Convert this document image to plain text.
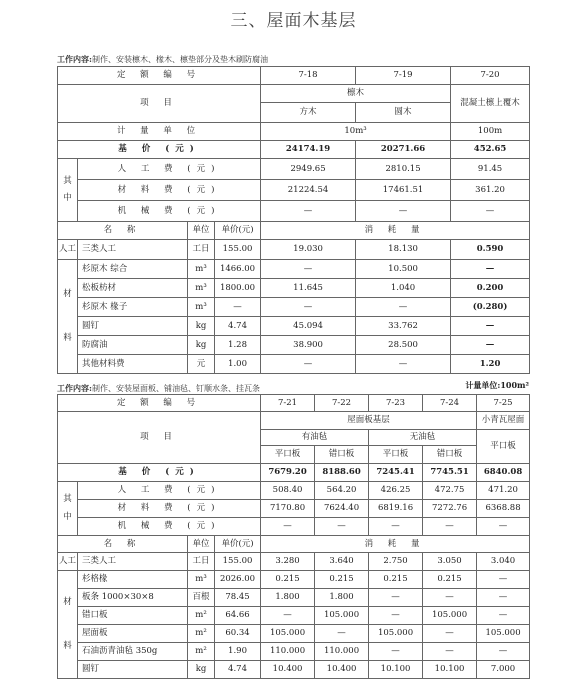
三、屋面木基层
工作内容:制作、安装檩木、椽木、檩垫部分及垫木刷防腐油
定 额 编 号				7-18	7-19	7-20
项 目				檩木		混凝土檩上覆木
				方木	圆木	
计 量 单 位				10m³		100m
基 价 (元)				24174.19	20271.66	452.65
其

中	人 工 费 (元)			2949.65	2810.15	91.45
	材 料 费 (元)			21224.54	17461.51	361.20
	机 械 费 (元)			—	—	—
名 称		单位	单价(元)	消 耗 量		
人工	三类人工	工日	155.00	19.030	18.130	0.590
材

料	杉原木 综合	m³	1466.00	—	10.500	—
	松板枋材	m³	1800.00	11.645	1.040	0.200
	杉原木 椽子	m³	—	—	—	(0.280)
	圆钉	kg	4.74	45.094	33.762	—
	防腐油	kg	1.28	38.900	28.500	—
	其他材料费	元	1.00	—	—	1.20
工作内容:制作、安装屋面板、铺油毡、钉顺水条、挂瓦条	计量单位:100m²
定 额 编 号				7-21	7-22	7-23	7-24	7-25
项 目				屋面板基层				小青瓦屋面
				有油毡		无油毡		平口板
				平口板	错口板	平口板	错口板	
基 价 (元)				7679.20	8188.60	7245.41	7745.51	6840.08
其

中	人 工 费 (元)			508.40	564.20	426.25	472.75	471.20
	材 料 费 (元)			7170.80	7624.40	6819.16	7272.76	6368.88
	机 械 费 (元)			—	—	—	—	—
名 称		单位	单价(元)	消 耗 量				
人工	三类人工	工日	155.00	3.280	3.640	2.750	3.050	3.040
材

料	杉格椽	m³	2026.00	0.215	0.215	0.215	0.215	—
	板条 1000×30×8	百根	78.45	1.800	1.800	—	—	—
	错口板	m²	64.66	—	105.000	—	105.000	—
	屋面板	m²	60.34	105.000	—	105.000	—	105.000
	石油沥青油毡 350g	m²	1.90	110.000	110.000	—	—	—
	圆钉	kg	4.74	10.400	10.400	10.100	10.100	7.000
